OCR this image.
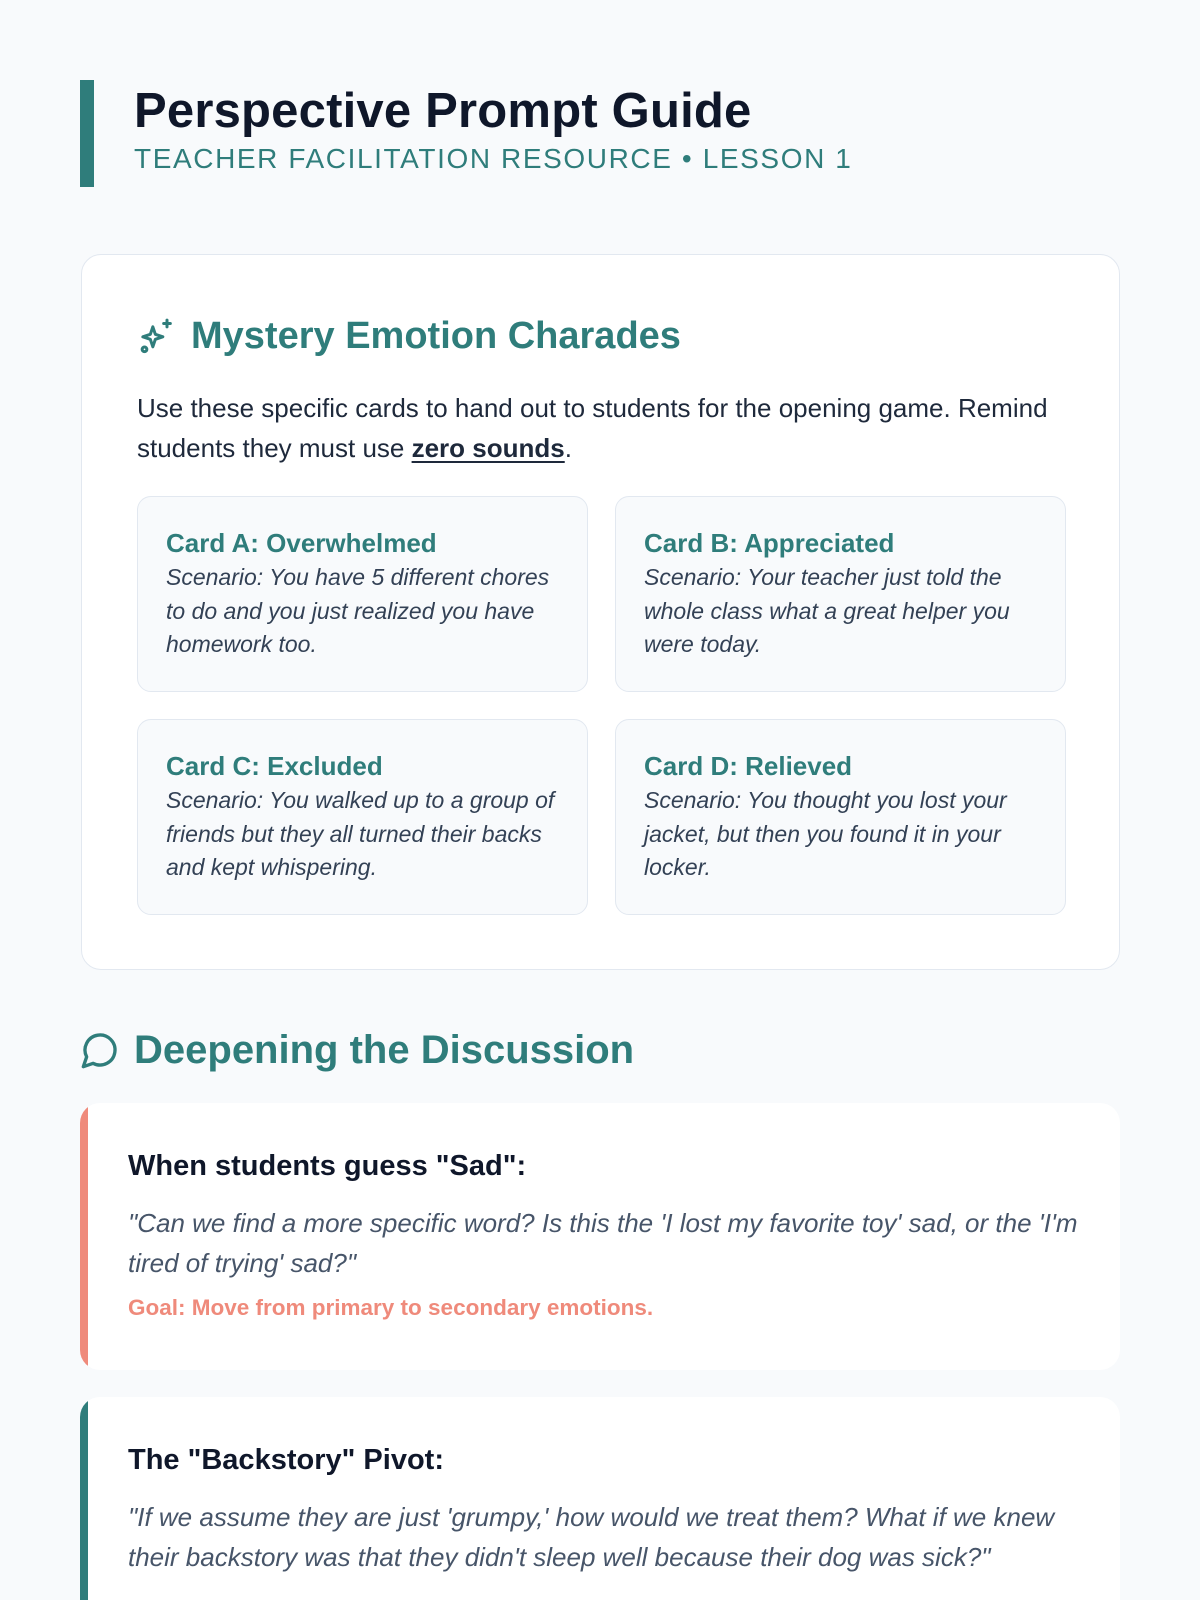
Perspective Prompt Guide
TEACHER FACILITATION RESOURCE • LESSON 1
Mystery Emotion Charades

Use these specific cards to hand out to students for the opening game. Remind students they must use zero sounds.

Card A: Overwhelmed
Scenario: You have 5 different chores to do and you just realized you have homework too.
Card B: Appreciated
Scenario: Your teacher just told the whole class what a great helper you were today.
Card C: Excluded
Scenario: You walked up to a group of friends but they all turned their backs and kept whispering.
Card D: Relieved
Scenario: You thought you lost your jacket, but then you found it in your locker.
Deepening the Discussion
When students guess "Sad":

"Can we find a more specific word? Is this the 'I lost my favorite toy' sad, or the 'I'm tired of trying' sad?"

Goal: Move from primary to secondary emotions.

The "Backstory" Pivot:

"If we assume they are just 'grumpy,' how would we treat them? What if we knew their backstory was that they didn't sleep well because their dog was sick?"
